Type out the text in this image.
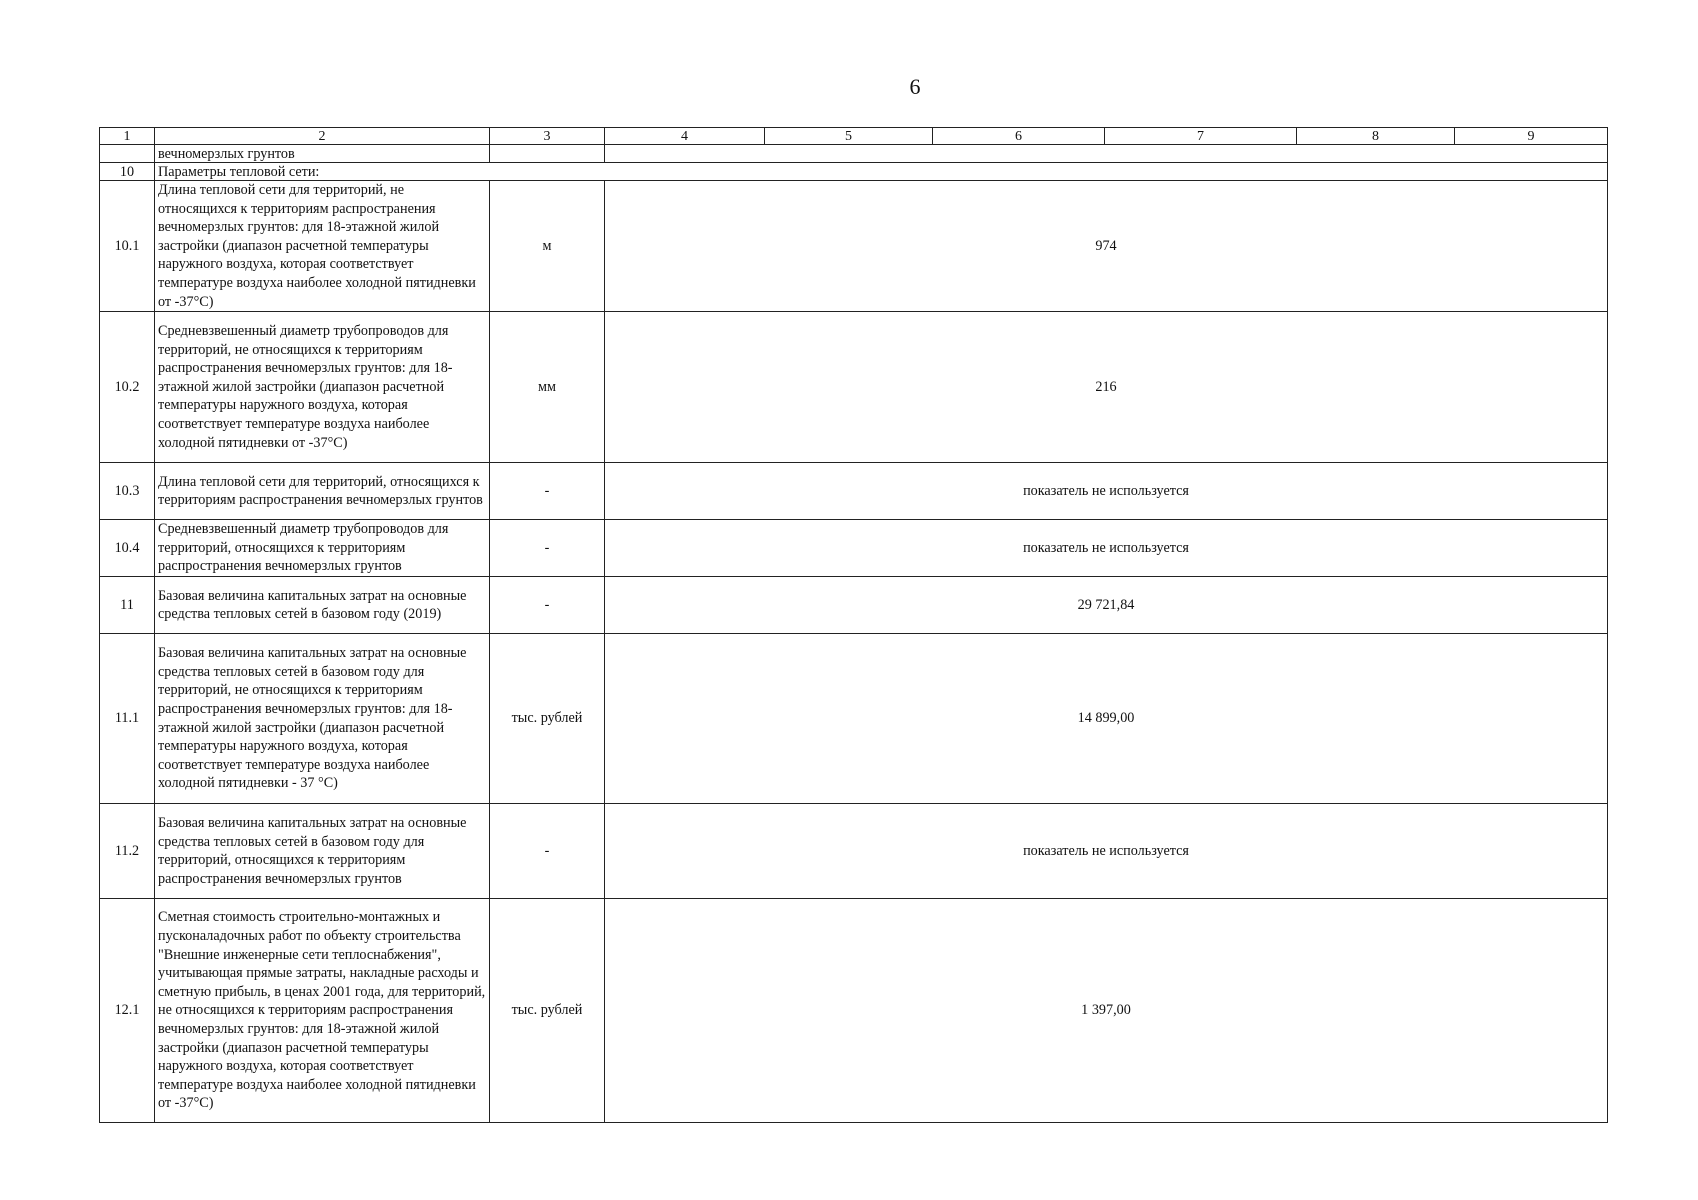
6
1	2	3	4	5	6	7	8	9
	вечномерзлых грунтов							
10	Параметры тепловой сети:							
10.1	Длина тепловой сети для территорий, не относящихся к территориям распространения вечномерзлых грунтов: для 18-этажной жилой застройки (диапазон расчетной температуры наружного воздуха, которая соответствует температуре воздуха наиболее холодной пятидневки от -37°С)	м	974					
10.2	Средневзвешенный диаметр трубопроводов для территорий, не относящихся к территориям распространения вечномерзлых грунтов: для 18-этажной жилой застройки (диапазон расчетной температуры наружного воздуха, которая соответствует температуре воздуха наиболее холодной пятидневки от -37°С)	мм	216					
10.3	Длина тепловой сети для территорий, относящихся к территориям распространения вечномерзлых грунтов	-	показатель не используется					
10.4	Средневзвешенный диаметр трубопроводов для территорий, относящихся к территориям распространения вечномерзлых грунтов	-	показатель не используется					
11	Базовая величина капитальных затрат на основные средства тепловых сетей в базовом году (2019)	-	29 721,84					
11.1	Базовая величина капитальных затрат на основные средства тепловых сетей в базовом году для территорий, не относящихся к территориям распространения вечномерзлых грунтов: для 18-этажной жилой застройки (диапазон расчетной температуры наружного воздуха, которая соответствует температуре воздуха наиболее холодной пятидневки - 37 °С)	тыс. рублей	14 899,00					
11.2	Базовая величина капитальных затрат на основные средства тепловых сетей в базовом году для территорий, относящихся к территориям распространения вечномерзлых грунтов	-	показатель не используется					
12.1	Сметная стоимость строительно-монтажных и пусконаладочных работ по объекту строительства "Внешние инженерные сети теплоснабжения", учитывающая прямые затраты, накладные расходы и сметную прибыль, в ценах 2001 года, для территорий, не относящихся к территориям распространения вечномерзлых грунтов: для 18-этажной жилой застройки (диапазон расчетной температуры наружного воздуха, которая соответствует температуре воздуха наиболее холодной пятидневки от -37°С)	тыс. рублей	1 397,00					
